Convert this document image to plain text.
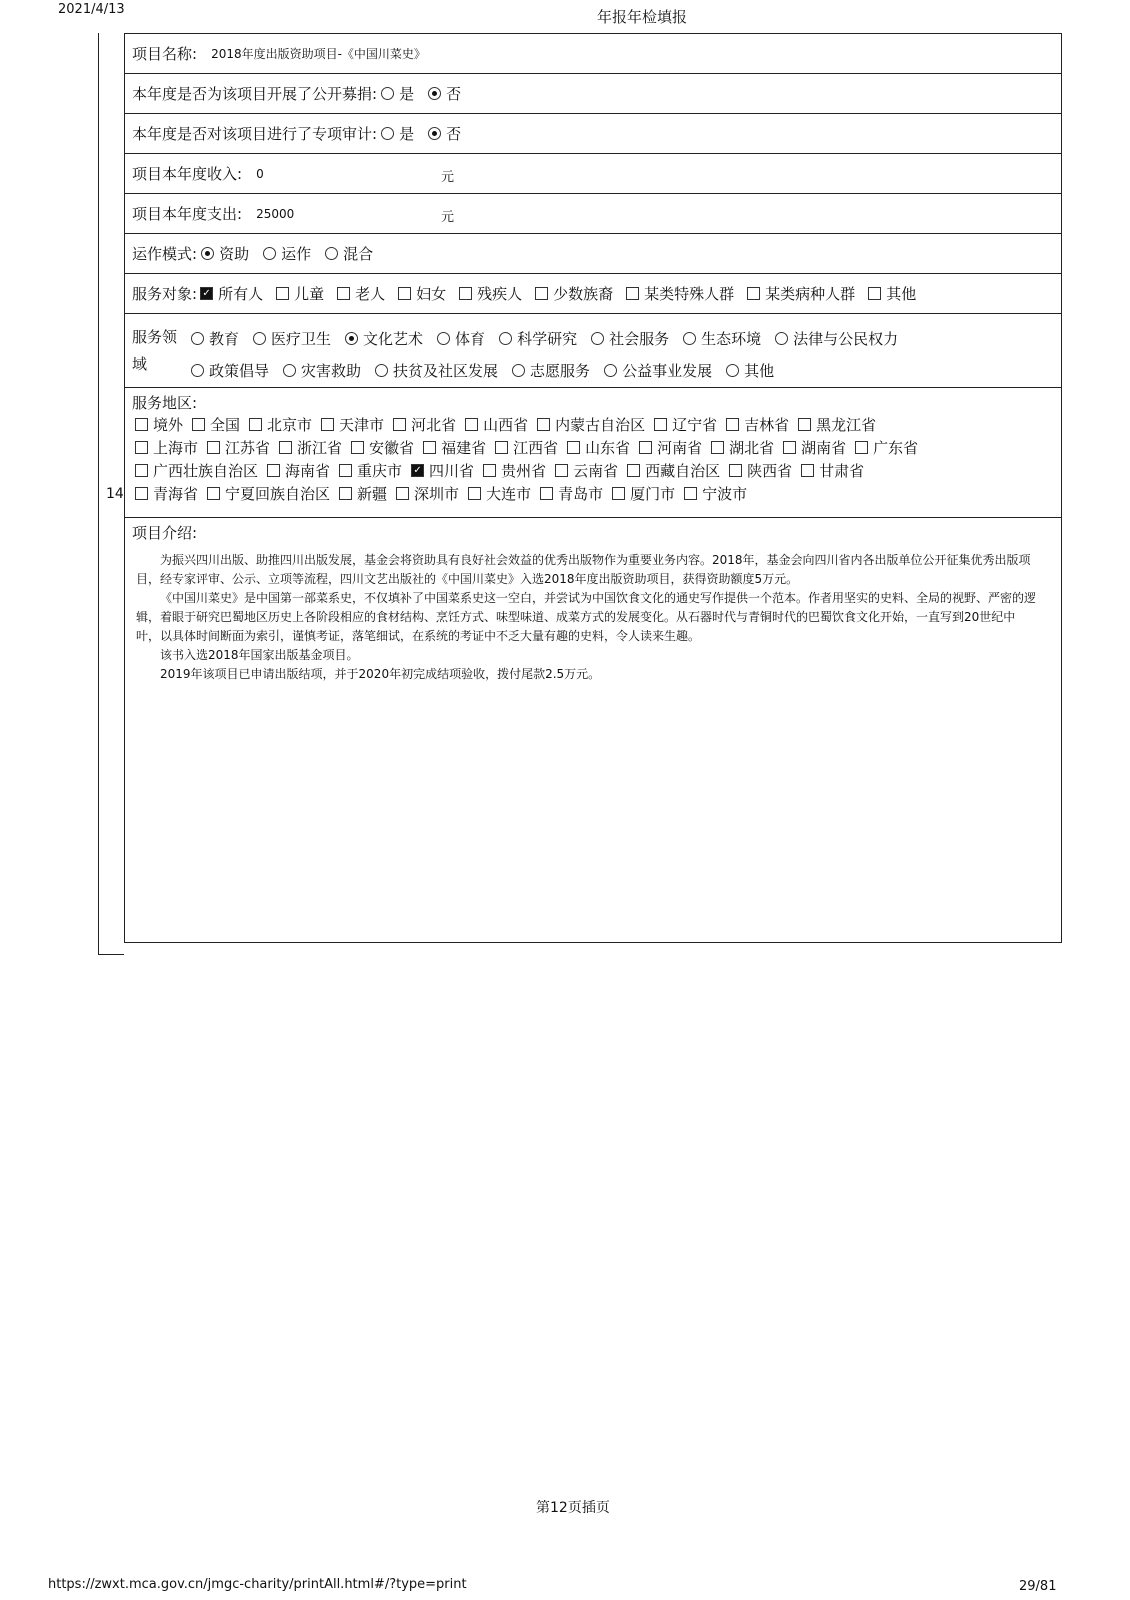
2021/4/13	年报年检填报
14
项目名称: 2018年度出版资助项目-《中国川菜史》
本年度是否为该项目开展了公开募捐: 是 否
本年度是否对该项目进行了专项审计: 是 否
项目本年度收入: 0	元
项目本年度支出: 25000	元
运作模式: 资助 运作 混合
服务对象: ✓ 所有人 儿童 老人 妇女 残疾人 少数族裔 某类特殊人群 某类病种人群 其他
服务领域
教育 医疗卫生 文化艺术 体育 科学研究 社会服务 生态环境 法律与公民权力
政策倡导 灾害救助 扶贫及社区发展 志愿服务 公益事业发展 其他
服务地区:
境外 全国 北京市 天津市 河北省 山西省 内蒙古自治区 辽宁省 吉林省 黑龙江省
上海市 江苏省 浙江省 安徽省 福建省 江西省 山东省 河南省 湖北省 湖南省 广东省
广西壮族自治区 海南省 重庆市 ✓ 四川省 贵州省 云南省 西藏自治区 陕西省 甘肃省
青海省 宁夏回族自治区 新疆 深圳市 大连市 青岛市 厦门市 宁波市
项目介绍:

为振兴四川出版、助推四川出版发展，基金会将资助具有良好社会效益的优秀出版物作为重要业务内容。2018年，基金会向四川省内各出版单位公开征集优秀出版项目，经专家评审、公示、立项等流程，四川文艺出版社的《中国川菜史》入选2018年度出版资助项目，获得资助额度5万元。

《中国川菜史》是中国第一部菜系史，不仅填补了中国菜系史这一空白，并尝试为中国饮食文化的通史写作提供一个范本。作者用坚实的史料、全局的视野、严密的逻辑，着眼于研究巴蜀地区历史上各阶段相应的食材结构、烹饪方式、味型味道、成菜方式的发展变化。从石器时代与青铜时代的巴蜀饮食文化开始，一直写到20世纪中叶，以具体时间断面为索引，谨慎考证，落笔细试，在系统的考证中不乏大量有趣的史料，令人读来生趣。

该书入选2018年国家出版基金项目。

2019年该项目已申请出版结项，并于2020年初完成结项验收，拨付尾款2.5万元。

第12页插页
https://zwxt.mca.gov.cn/jmgc-charity/printAll.html#/?type=print	29/81
